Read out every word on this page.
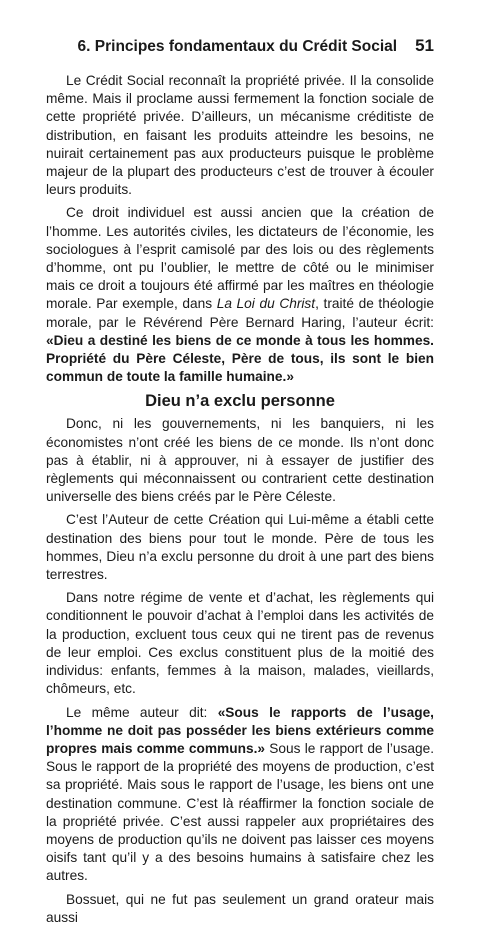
6. Principes fondamentaux du Crédit Social 51

Le Crédit Social reconnaît la propriété privée. Il la consolide même. Mais il proclame aussi fermement la fonction sociale de cette propriété privée. D’ailleurs, un mécanisme créditiste de distribution, en faisant les produits atteindre les besoins, ne nuirait certainement pas aux producteurs puisque le problème majeur de la plupart des producteurs c’est de trouver à écouler leurs produits.

Ce droit individuel est aussi ancien que la création de l’homme. Les autorités civiles, les dictateurs de l’économie, les sociologues à l’esprit camisolé par des lois ou des règlements d’homme, ont pu l’oublier, le mettre de côté ou le minimiser mais ce droit a toujours été affirmé par les maîtres en théologie morale. Par exemple, dans La Loi du Christ, traité de théologie morale, par le Révérend Père Bernard Haring, l’auteur écrit: «Dieu a destiné les biens de ce monde à tous les hommes. Propriété du Père Céleste, Père de tous, ils sont le bien commun de toute la famille humaine.»

Dieu n’a exclu personne

Donc, ni les gouvernements, ni les banquiers, ni les économistes n’ont créé les biens de ce monde. Ils n’ont donc pas à établir, ni à approuver, ni à essayer de justifier des règlements qui méconnaissent ou contrarient cette destination universelle des biens créés par le Père Céleste.

C’est l’Auteur de cette Création qui Lui-même a établi cette destination des biens pour tout le monde. Père de tous les hommes, Dieu n’a exclu personne du droit à une part des biens terrestres.

Dans notre régime de vente et d’achat, les règlements qui conditionnent le pouvoir d’achat à l’emploi dans les activités de la production, excluent tous ceux qui ne tirent pas de revenus de leur emploi. Ces exclus constituent plus de la moitié des individus: enfants, femmes à la maison, malades, vieillards, chômeurs, etc.

Le même auteur dit: «Sous le rapports de l’usage, l’homme ne doit pas posséder les biens extérieurs comme propres mais comme communs.» Sous le rapport de l’usage. Sous le rapport de la propriété des moyens de production, c’est sa propriété. Mais sous le rapport de l’usage, les biens ont une destination commune. C’est là réaffirmer la fonction sociale de la propriété privée. C’est aussi rappeler aux propriétaires des moyens de production qu’ils ne doivent pas laisser ces moyens oisifs tant qu’il y a des besoins humains à satisfaire chez les autres.

Bossuet, qui ne fut pas seulement un grand orateur mais aussi
